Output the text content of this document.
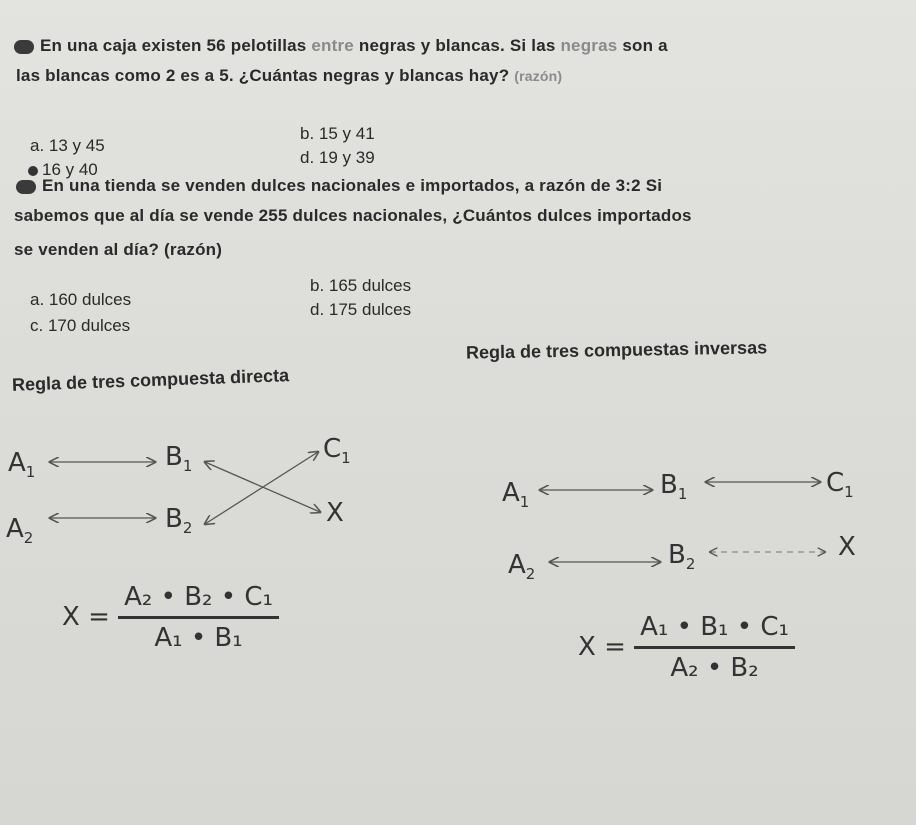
En una caja existen 56 pelotillas entre negras y blancas. Si las negras son a
las blancas como 2 es a 5. ¿Cuántas negras y blancas hay? (razón)
a. 13 y 45
b. 15 y 41
16 y 40
d. 19 y 39
En una tienda se venden dulces nacionales e importados, a razón de 3:2 Si
sabemos que al día se vende 255 dulces nacionales, ¿Cuántos dulces importados
se venden al día? (razón)
a. 160 dulces
b. 165 dulces
c. 170 dulces
d. 175 dulces
Regla de tres compuesta directa
Regla de tres compuestas inversas
$A_1$
$B_1$
$C_1$
$A_2$
$B_2$
X
$A_1$
$B_1$	$C_1$
$A_2$
$B_2$
X
$X = \frac{\text{A₂ • B₂ • C₁}}{\text{A₁ • B₁}}$	$X = \frac{\text{A₁ • B₁ • C₁}}{\text{A₂ • B₂}}$
